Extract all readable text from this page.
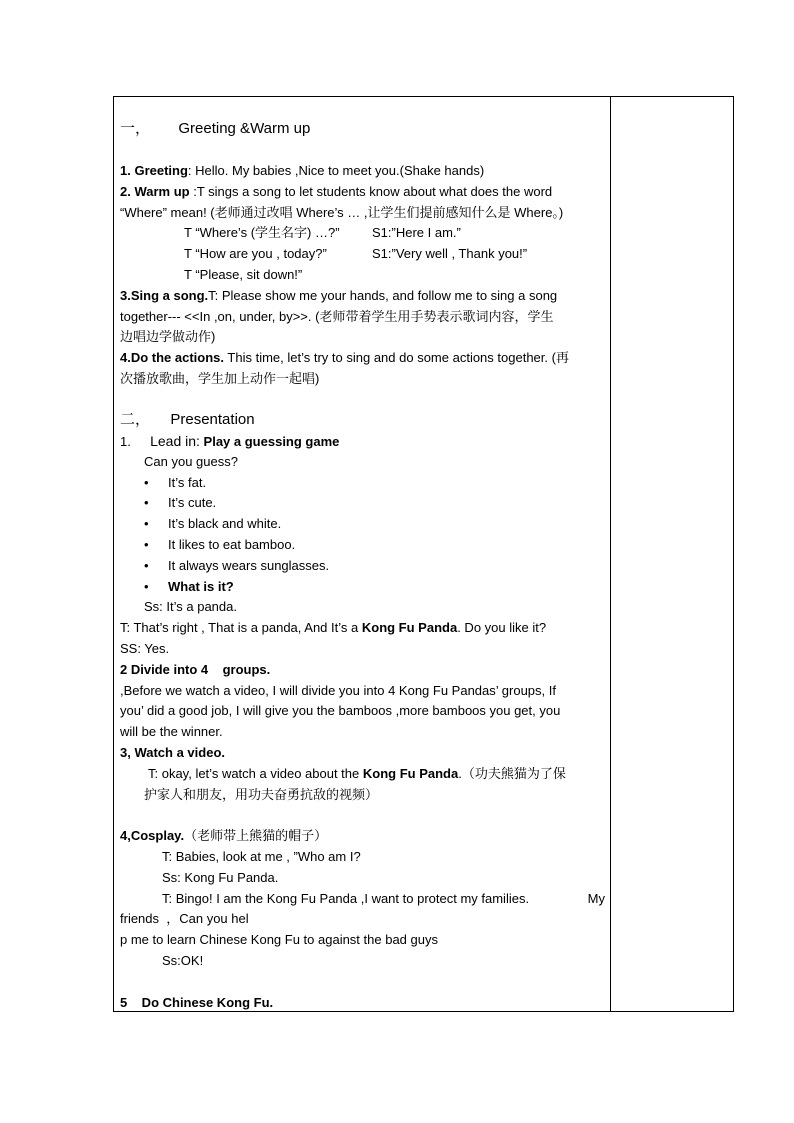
一， Greeting &Warm up
1. Greeting: Hello. My babies ,Nice to meet you.(Shake hands)
2. Warm up :T sings a song to let students know about what does the word
“Where” mean! (老师通过改唱 Where’s … ,让学生们提前感知什么是 Where。)
T “Where’s (学生名字) …?” S1:”Here I am.”
T “How are you , today?”	S1:”Very well , Thank you!”
T “Please, sit down!”
3.Sing a song.T: Please show me your hands, and follow me to sing a song
together--- <<In ,on, under, by>>. (老师带着学生用手势表示歌词内容，学生
边唱边学做动作)
4.Do the actions. This time, let’s try to sing and do some actions together. (再
次播放歌曲，学生加上动作一起唱)
二， Presentation
1. Lead in: Play a guessing game
Can you guess?
• It’s fat.
• It’s cute.
• It’s black and white.
• It likes to eat bamboo.
• It always wears sunglasses.
• What is it?
Ss: It’s a panda.
T: That’s right , That is a panda, And It’s a Kong Fu Panda. Do you like it?
SS: Yes.
2 Divide into 4    groups.
,Before we watch a video, I will divide you into 4 Kong Fu Pandas’ groups, If
you’ did a good job, I will give you the bamboos ,more bamboos you get, you
will be the winner.
3, Watch a video.
T: okay, let’s watch a video about the Kong Fu Panda.（功夫熊猫为了保
护家人和朋友，用功夫奋勇抗敌的视频）
4,Cosplay.（老师带上熊猫的帽子）
T: Babies, look at me , ”Who am I?
Ss: Kong Fu Panda.
T: Bingo! I am the Kong Fu Panda ,I want to protect my families.	My
friends  ，Can you hel
p me to learn Chinese Kong Fu to against the bad guys
Ss:OK!
5    Do Chinese Kong Fu.
